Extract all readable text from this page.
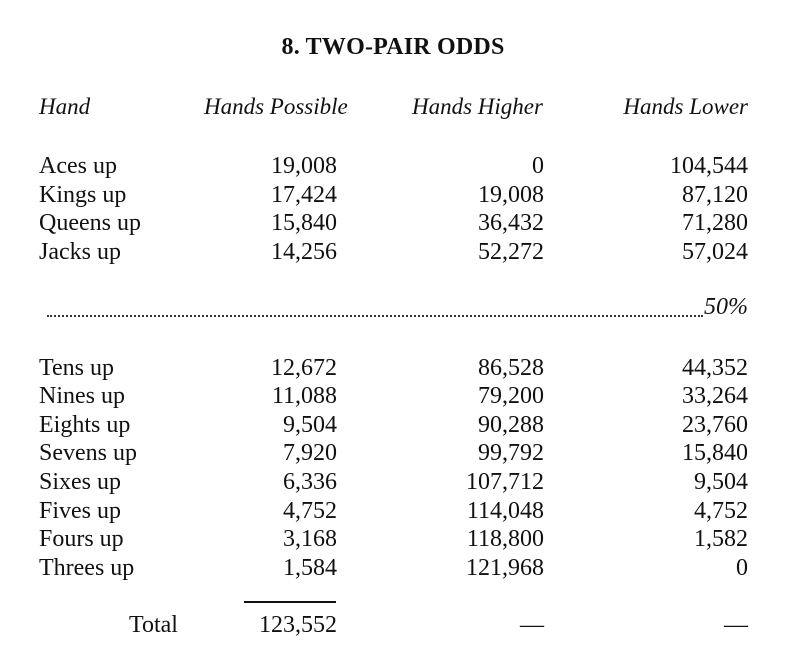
8. TWO-PAIR ODDS
Hand	Hands Possible	Hands Higher	Hands Lower
Aces up	19,008	0	104,544
Kings up	17,424	19,008	87,120
Queens up	15,840	36,432	71,280
Jacks up	14,256	52,272	57,024
50%
Tens up	12,672	86,528	44,352
Nines up	11,088	79,200	33,264
Eights up	9,504	90,288	23,760
Sevens up	7,920	99,792	15,840
Sixes up	6,336	107,712	9,504
Fives up	4,752	114,048	4,752
Fours up	3,168	118,800	1,582
Threes up	1,584	121,968	0
Total	123,552	—	—
